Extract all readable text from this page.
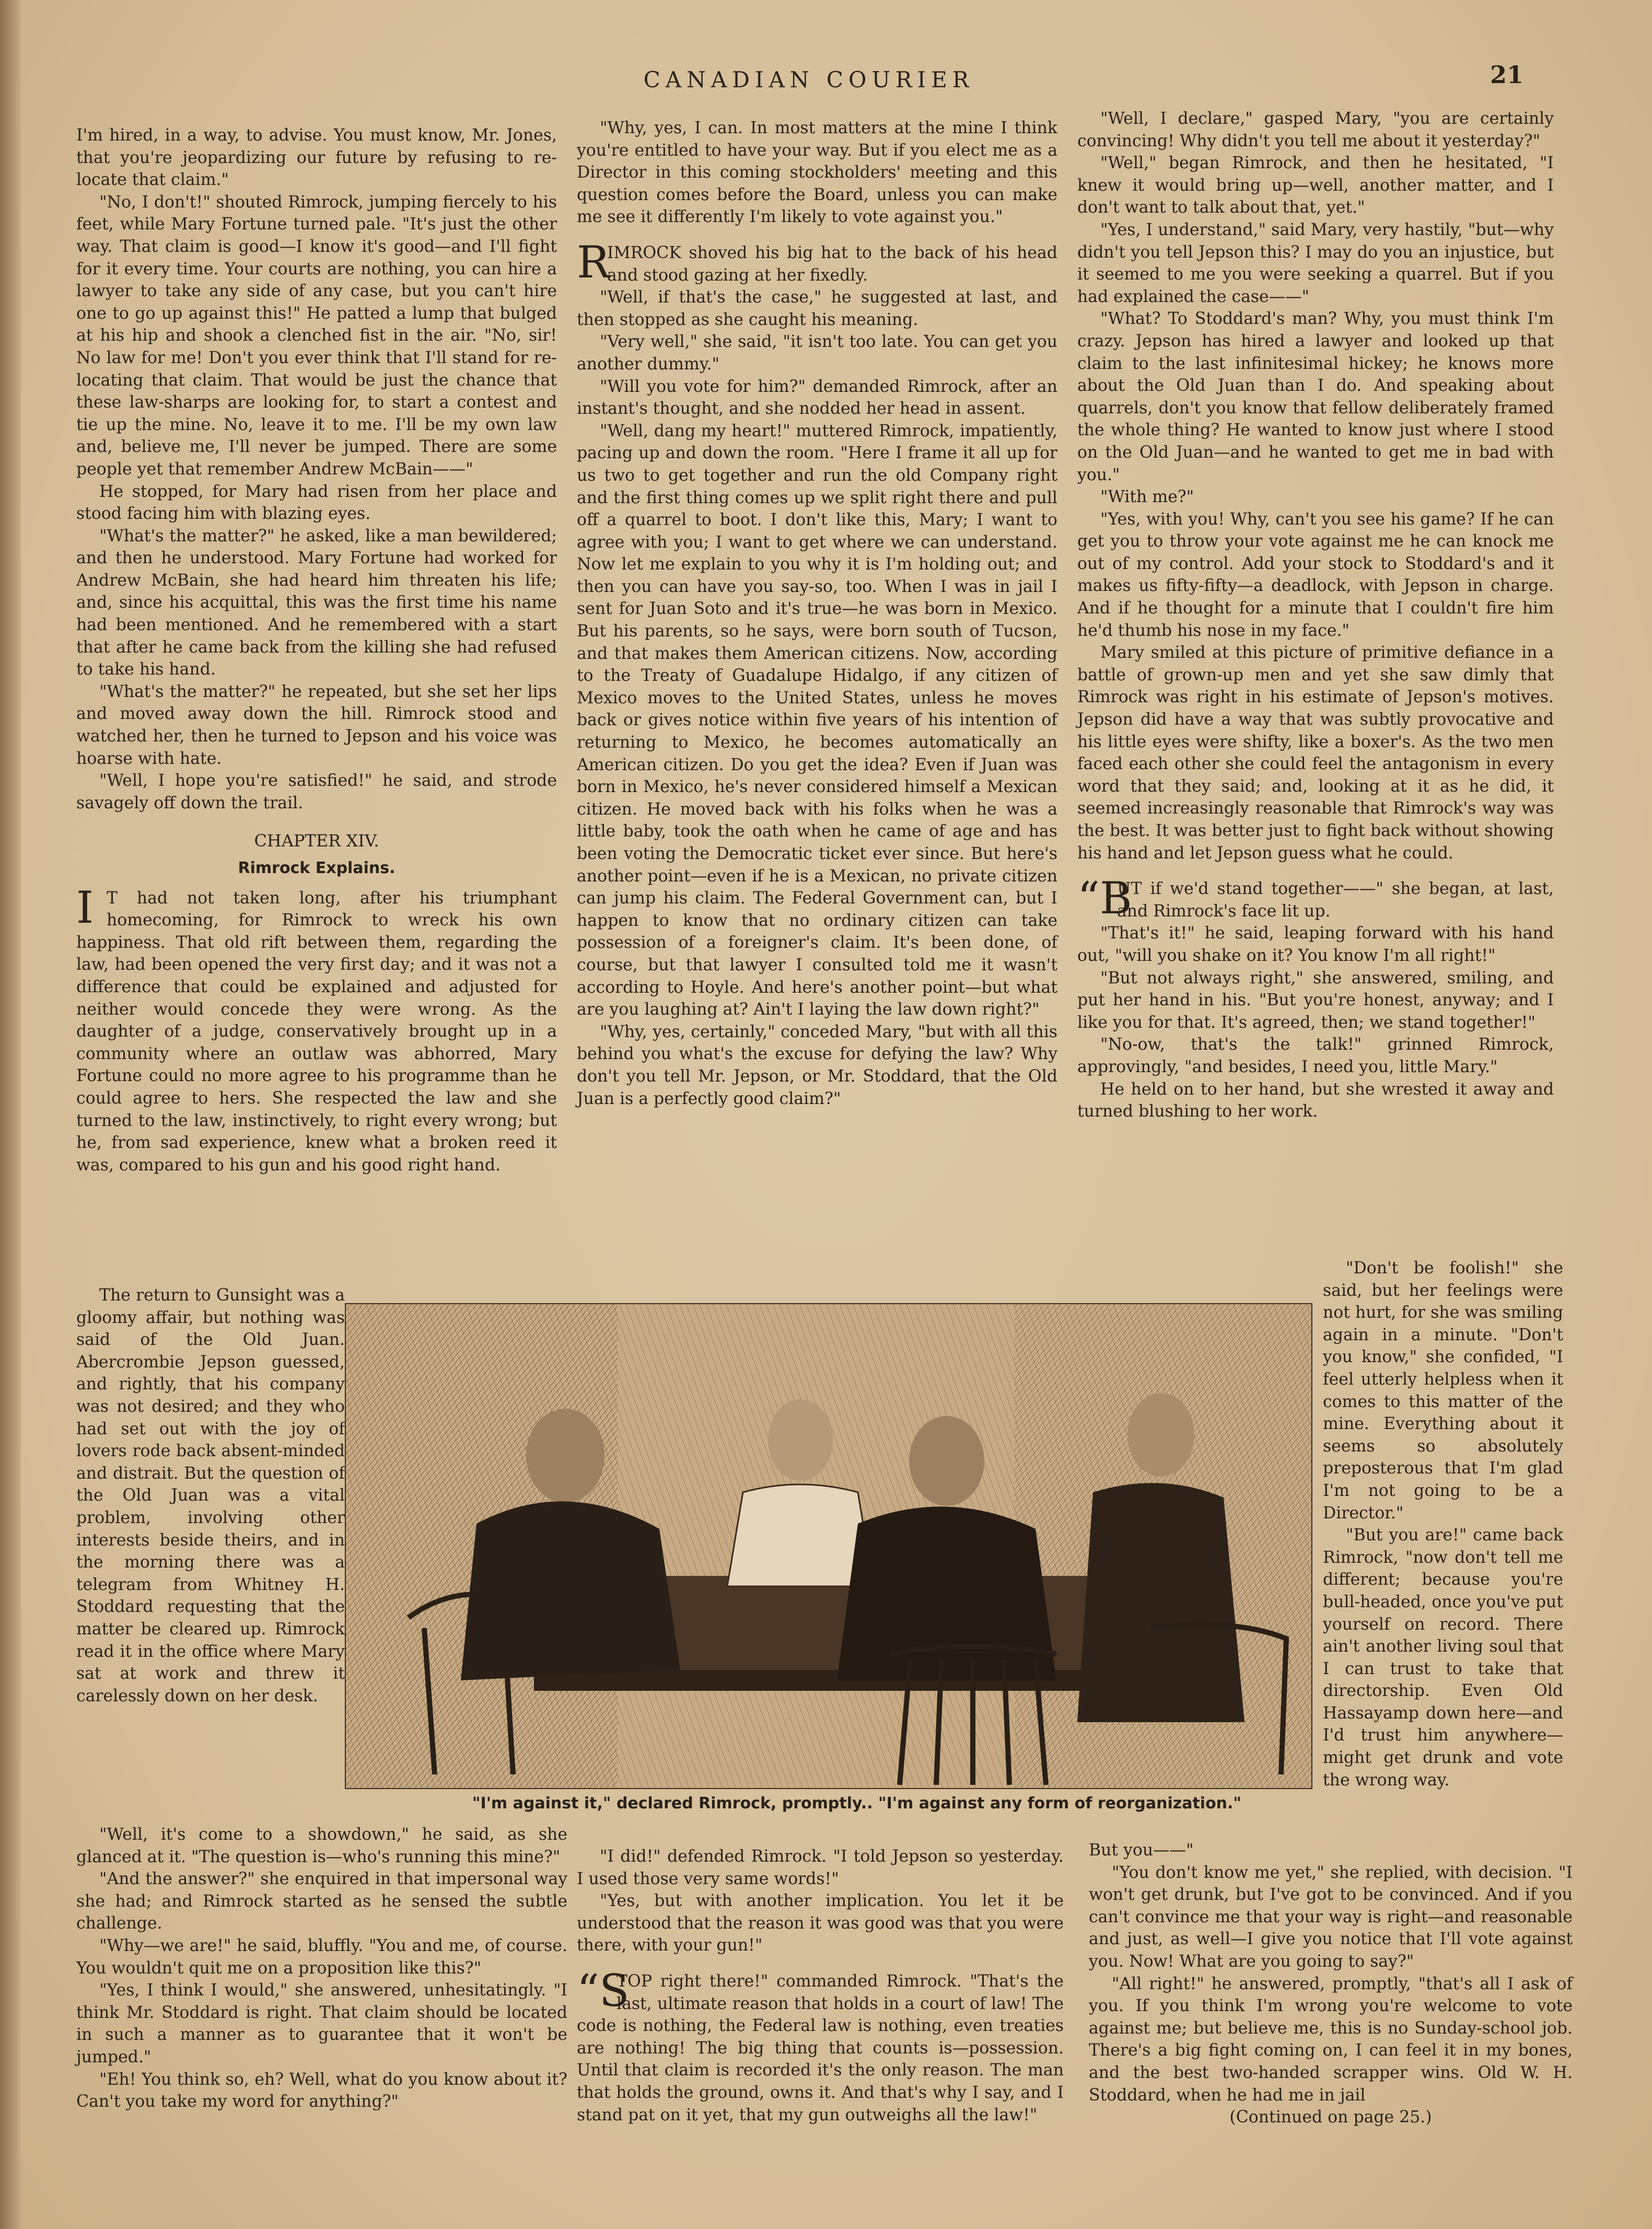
CANADIAN COURIER	21

I'm hired, in a way, to advise. You must know, Mr. Jones, that you're jeopardizing our future by refusing to re-locate that claim."

"No, I don't!" shouted Rimrock, jumping fiercely to his feet, while Mary Fortune turned pale. "It's just the other way. That claim is good—I know it's good—and I'll fight for it every time. Your courts are nothing, you can hire a lawyer to take any side of any case, but you can't hire one to go up against this!" He patted a lump that bulged at his hip and shook a clenched fist in the air. "No, sir! No law for me! Don't you ever think that I'll stand for re-locating that claim. That would be just the chance that these law-sharps are looking for, to start a contest and tie up the mine. No, leave it to me. I'll be my own law and, believe me, I'll never be jumped. There are some people yet that remember Andrew McBain——"

He stopped, for Mary had risen from her place and stood facing him with blazing eyes.

"What's the matter?" he asked, like a man bewildered; and then he understood. Mary Fortune had worked for Andrew McBain, she had heard him threaten his life; and, since his acquittal, this was the first time his name had been mentioned. And he remembered with a start that after he came back from the killing she had refused to take his hand.

"What's the matter?" he repeated, but she set her lips and moved away down the hill. Rimrock stood and watched her, then he turned to Jepson and his voice was hoarse with hate.

"Well, I hope you're satisfied!" he said, and strode savagely off down the trail.

CHAPTER XIV.

Rimrock Explains.

I T had not taken long, after his triumphant homecoming, for Rimrock to wreck his own happiness. That old rift between them, regarding the law, had been opened the very first day; and it was not a difference that could be explained and adjusted for neither would concede they were wrong. As the daughter of a judge, conservatively brought up in a community where an outlaw was abhorred, Mary Fortune could no more agree to his programme than he could agree to hers. She respected the law and she turned to the law, instinctively, to right every wrong; but he, from sad experience, knew what a broken reed it was, compared to his gun and his good right hand.

The return to Gunsight was a gloomy affair, but nothing was said of the Old Juan. Abercrombie Jepson guessed, and rightly, that his company was not desired; and they who had set out with the joy of lovers rode back absent-minded and distrait. But the question of the Old Juan was a vital problem, involving other interests beside theirs, and in the morning there was a telegram from Whitney H. Stoddard requesting that the matter be cleared up. Rimrock read it in the office where Mary sat at work and threw it carelessly down on her desk.

"Well, it's come to a showdown," he said, as she glanced at it. "The question is—who's running this mine?"

"And the answer?" she enquired in that impersonal way she had; and Rimrock started as he sensed the subtle challenge.

"Why—we are!" he said, bluffly. "You and me, of course. You wouldn't quit me on a proposition like this?"

"Yes, I think I would," she answered, unhesitatingly. "I think Mr. Stoddard is right. That claim should be located in such a manner as to guarantee that it won't be jumped."

"Eh! You think so, eh? Well, what do you know about it? Can't you take my word for anything?"

"Why, yes, I can. In most matters at the mine I think you're entitled to have your way. But if you elect me as a Director in this coming stockholders' meeting and this question comes before the Board, unless you can make me see it differently I'm likely to vote against you."

R
IMROCK shoved his big hat to the back of his head and stood gazing at her fixedly.

"Well, if that's the case," he suggested at last, and then stopped as she caught his meaning.

"Very well," she said, "it isn't too late. You can get you another dummy."

"Will you vote for him?" demanded Rimrock, after an instant's thought, and she nodded her head in assent.

"Well, dang my heart!" muttered Rimrock, impatiently, pacing up and down the room. "Here I frame it all up for us two to get together and run the old Company right and the first thing comes up we split right there and pull off a quarrel to boot. I don't like this, Mary; I want to agree with you; I want to get where we can understand. Now let me explain to you why it is I'm holding out; and then you can have you say-so, too. When I was in jail I sent for Juan Soto and it's true—he was born in Mexico. But his parents, so he says, were born south of Tucson, and that makes them American citizens. Now, according to the Treaty of Guadalupe Hidalgo, if any citizen of Mexico moves to the United States, unless he moves back or gives notice within five years of his intention of returning to Mexico, he becomes automatically an American citizen. Do you get the idea? Even if Juan was born in Mexico, he's never considered himself a Mexican citizen. He moved back with his folks when he was a little baby, took the oath when he came of age and has been voting the Democratic ticket ever since. But here's another point—even if he is a Mexican, no private citizen can jump his claim. The Federal Government can, but I happen to know that no ordinary citizen can take possession of a foreigner's claim. It's been done, of course, but that lawyer I consulted told me it wasn't according to Hoyle. And here's another point—but what are you laughing at? Ain't I laying the law down right?"

"Why, yes, certainly," conceded Mary, "but with all this behind you what's the excuse for defying the law? Why don't you tell Mr. Jepson, or Mr. Stoddard, that the Old Juan is a perfectly good claim?"

"I did!" defended Rimrock. "I told Jepson so yesterday. I used those very same words!"

"Yes, but with another implication. You let it be understood that the reason it was good was that you were there, with your gun!"

“S
TOP right there!" commanded Rimrock. "That's the last, ultimate reason that holds in a court of law! The code is nothing, the Federal law is nothing, even treaties are nothing! The big thing that counts is—possession. Until that claim is recorded it's the only reason. The man that holds the ground, owns it. And that's why I say, and I stand pat on it yet, that my gun outweighs all the law!"

"Well, I declare," gasped Mary, "you are certainly convincing! Why didn't you tell me about it yesterday?"

"Well," began Rimrock, and then he hesitated, "I knew it would bring up—well, another matter, and I don't want to talk about that, yet."

"Yes, I understand," said Mary, very hastily, "but—why didn't you tell Jepson this? I may do you an injustice, but it seemed to me you were seeking a quarrel. But if you had explained the case——"

"What? To Stoddard's man? Why, you must think I'm crazy. Jepson has hired a lawyer and looked up that claim to the last infinitesimal hickey; he knows more about the Old Juan than I do. And speaking about quarrels, don't you know that fellow deliberately framed the whole thing? He wanted to know just where I stood on the Old Juan—and he wanted to get me in bad with you."

"With me?"

"Yes, with you! Why, can't you see his game? If he can get you to throw your vote against me he can knock me out of my control. Add your stock to Stoddard's and it makes us fifty-fifty—a deadlock, with Jepson in charge. And if he thought for a minute that I couldn't fire him he'd thumb his nose in my face."

Mary smiled at this picture of primitive defiance in a battle of grown-up men and yet she saw dimly that Rimrock was right in his estimate of Jepson's motives. Jepson did have a way that was subtly provocative and his little eyes were shifty, like a boxer's. As the two men faced each other she could feel the antagonism in every word that they said; and, looking at it as he did, it seemed increasingly reasonable that Rimrock's way was the best. It was better just to fight back without showing his hand and let Jepson guess what he could.

“B
UT if we'd stand together——" she began, at last, and Rimrock's face lit up.

"That's it!" he said, leaping forward with his hand out, "will you shake on it? You know I'm all right!"

"But not always right," she answered, smiling, and put her hand in his. "But you're honest, anyway; and I like you for that. It's agreed, then; we stand together!"

"No-ow, that's the talk!" grinned Rimrock, approvingly, "and besides, I need you, little Mary."

He held on to her hand, but she wrested it away and turned blushing to her work.

"Don't be foolish!" she said, but her feelings were not hurt, for she was smiling again in a minute. "Don't you know," she confided, "I feel utterly helpless when it comes to this matter of the mine. Everything about it seems so absolutely preposterous that I'm glad I'm not going to be a Director."

"But you are!" came back Rimrock, "now don't tell me different; because you're bull-headed, once you've put yourself on record. There ain't another living soul that I can trust to take that directorship. Even Old Hassayamp down here—and I'd trust him anywhere—might get drunk and vote the wrong way.

But you——"

"You don't know me yet," she replied, with decision. "I won't get drunk, but I've got to be convinced. And if you can't convince me that your way is right—and reasonable and just, as well—I give you notice that I'll vote against you. Now! What are you going to say?"

"All right!" he answered, promptly, "that's all I ask of you. If you think I'm wrong you're welcome to vote against me; but believe me, this is no Sunday-school job. There's a big fight coming on, I can feel it in my bones, and the best two-handed scrapper wins. Old W. H. Stoddard, when he had me in jail

(Continued on page 25.)

"I'm against it," declared Rimrock, promptly.. "I'm against any form of reorganization."
